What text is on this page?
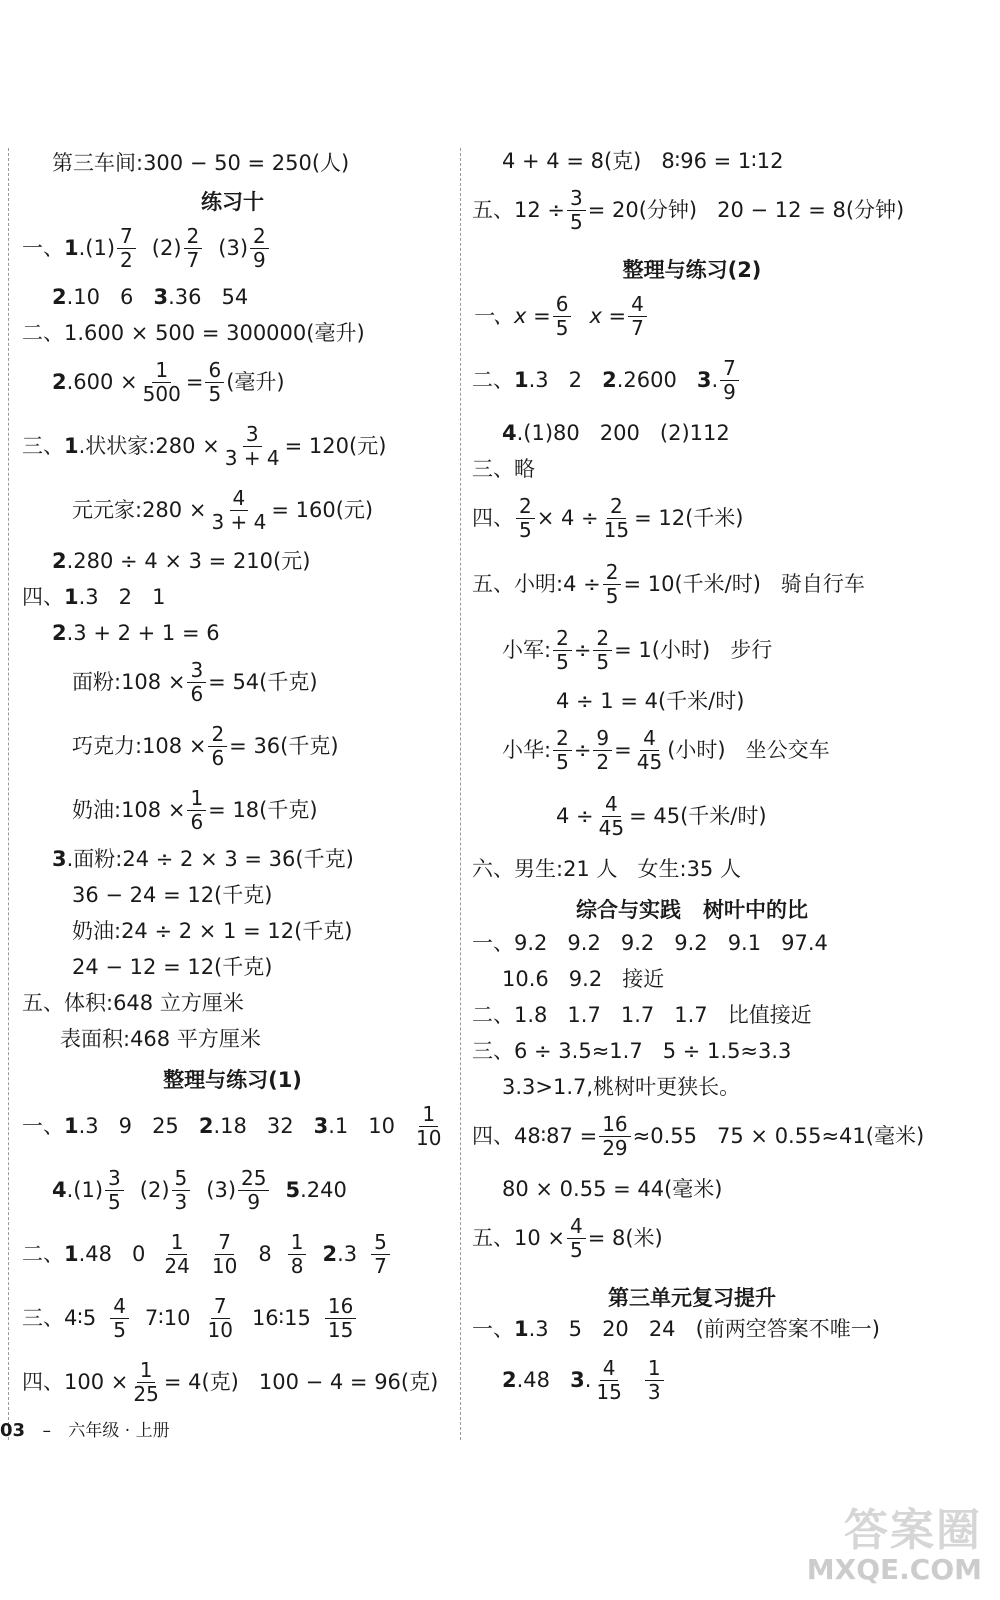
第三车间:300 − 50 = 250(人)
练习十
一、 1 $.(1) \frac{7}{2} (2) \frac{2}{7} (3) \frac{2}{9}$
2 .10   6 3 .36   54
二、1.600 × 500 = 300000(毫升)
2 $.600 \times \frac{1}{500} = \frac{6}{5}$ (毫升)
三、 1 .状状家:280 × $\frac{3}{3 + 4} = 120$(元)
元元家:280 × $\frac{4}{3 + 4} = 160$(元)
2 .280 ÷ 4 × 3 = 210(元)
四、 1 .3   2   1
2 .3 + 2 + 1 = 6
面粉:108 × $\frac{3}{6} = 54$(千克)
巧克力:108 × $\frac{2}{6} = 36$(千克)
奶油:108 × $\frac{1}{6} = 18$(千克)
3 .面粉:24 ÷ 2 × 3 = 36(千克)
36 − 24 = 12(千克)
奶油:24 ÷ 2 × 1 = 12(千克)
24 − 12 = 12(千克)
五、体积:648 立方厘米
表面积:468 平方厘米
整理与练习(1)
一、 1 .3   9   25 2 .18   32 3 .1   $10 \frac{1}{10}$
4 $.(1) \frac{3}{5} (2) \frac{5}{3} (3) \frac{25}{9} 5$ .240
二、 1 .48   $0 \frac{1}{24} \frac{7}{10} 8 \frac{1}{8} 2$ $.3 \frac{5}{7}$
三、4∶5 $\frac{4}{5}$ 7∶10 $\frac{7}{10}$ 16∶15 $\frac{16}{15}$
四、$100 \times \frac{1}{25} = 4$(克)   100 − 4 = 96(克)
4 + 4 = 8(克)   8∶96 = 1∶12
五、$12 \div \frac{3}{5} = 20$(分钟)   20 − 12 = 8(分钟)
整理与练习(2)
一、$x = \frac{6}{5}$ $x = \frac{4}{7}$
二、 1 .3   2 2 .2600 3 . $\frac{7}{9}$
4 .(1)80   200   (2)112
三、略
四、 $\frac{2}{5} \times 4 \div \frac{2}{15} = 12$(千米)
五、小明:4 ÷ $\frac{2}{5} = 10$(千米/时)   骑自行车
小军: $\frac{2}{5} \div \frac{2}{5} = 1$(小时)   步行
4 ÷ 1 = 4(千米/时)
小华: $\frac{2}{5} \div \frac{9}{2} = \frac{4}{45}$ (小时)   坐公交车
$4 \div \frac{4}{45} = 45$(千米/时)
六、男生:21 人   女生:35 人
综合与实践   树叶中的比
一、9.2   9.2   9.2   9.2   9.1   97.4
10.6   9.2   接近
二、1.8   1.7   1.7   1.7   比值接近
三、6 ÷ 3.5≈1.7   5 ÷ 1.5≈3.3
3.3>1.7,桃树叶更狭长。
四、48∶87 = $\frac{16}{29} \approx 0.55$   75 × 0.55≈41(毫米)
80 × 0.55 = 44(毫米)
五、$10 \times \frac{4}{5} = 8$(米)
第三单元复习提升
一、 1 .3   5   20   24   (前两空答案不唯一)
2 .48 3 . $\frac{4}{15} \frac{1}{3}$
03 – 六年级 · 上册
答案圈
MXQE.COM
